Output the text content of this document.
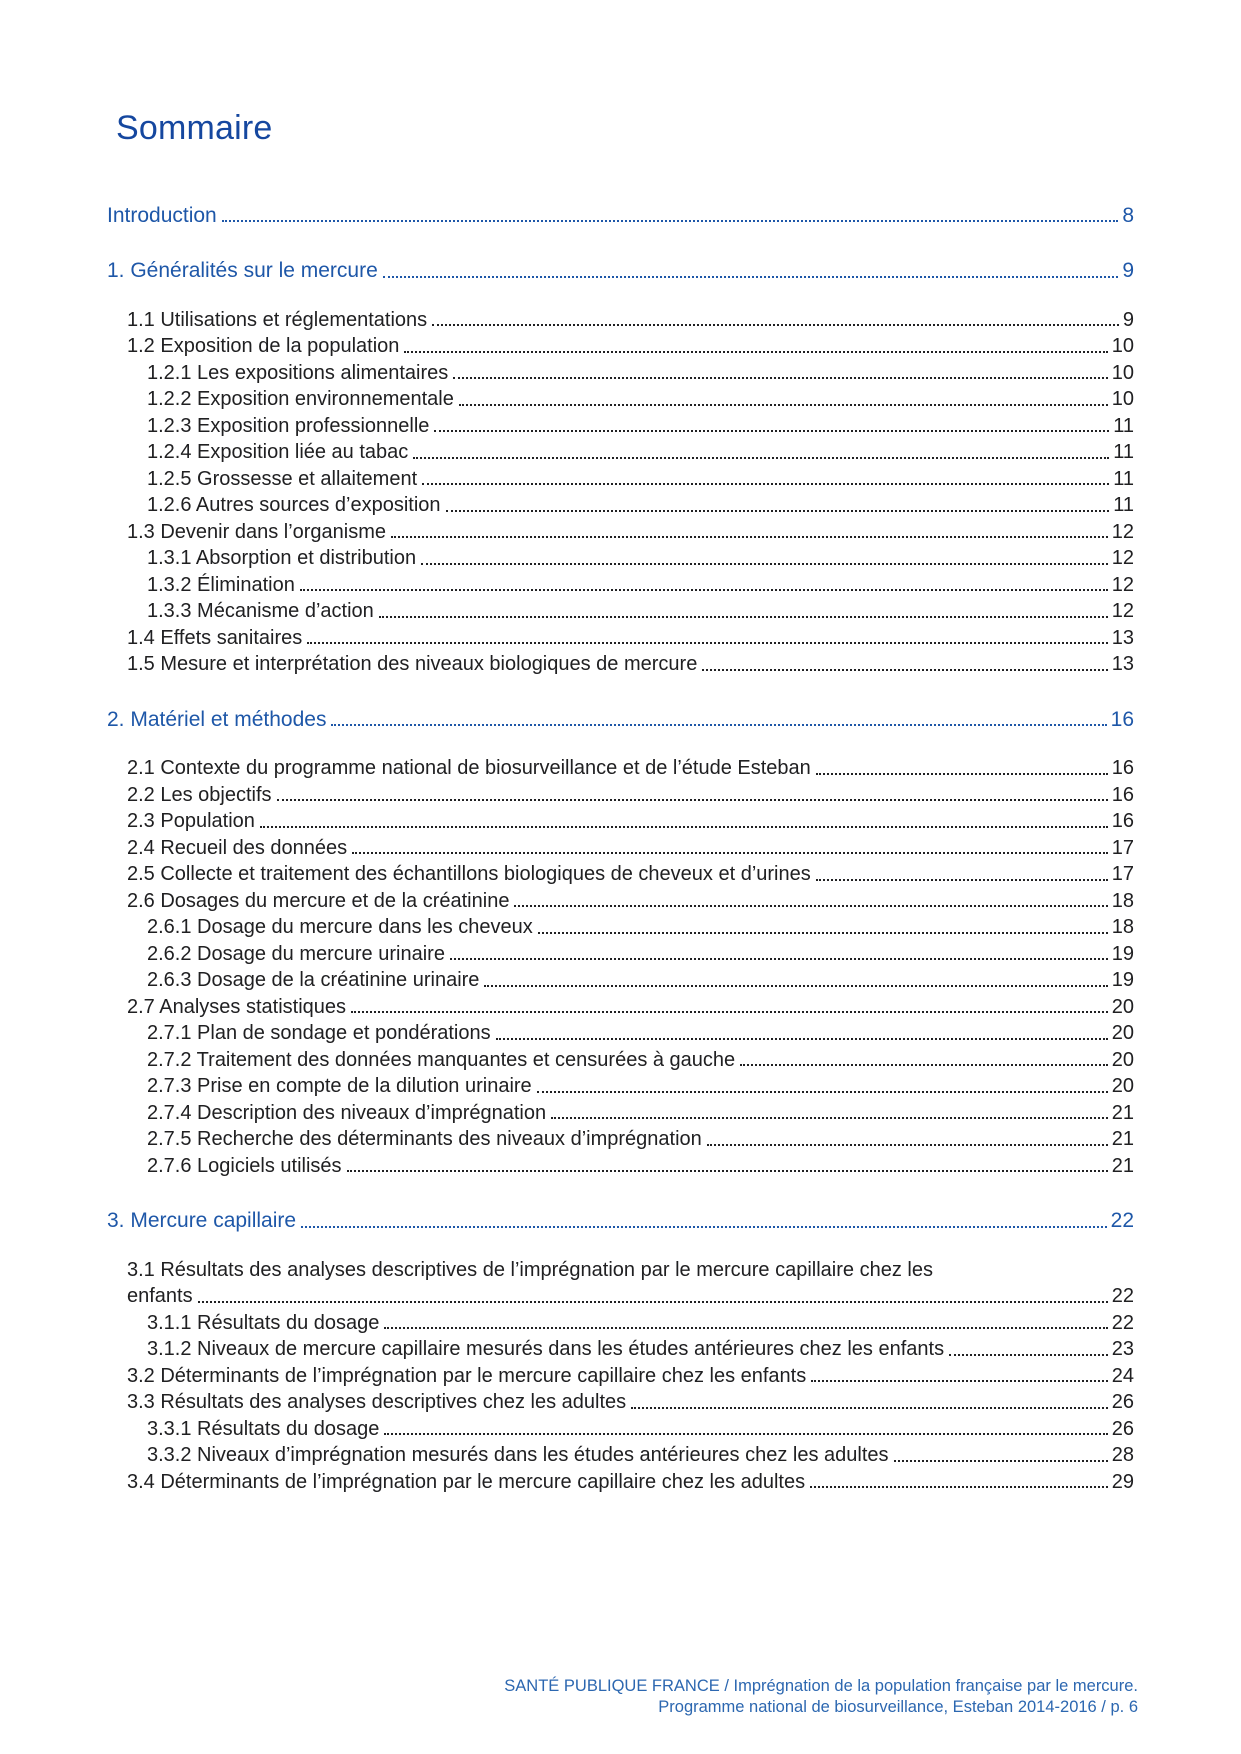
Sommaire
Introduction	8
1. Généralités sur le mercure	9
1.1 Utilisations et réglementations	9
1.2 Exposition de la population	10
1.2.1 Les expositions alimentaires	10
1.2.2 Exposition environnementale	10
1.2.3 Exposition professionnelle	11
1.2.4 Exposition liée au tabac	11
1.2.5 Grossesse et allaitement	11
1.2.6 Autres sources d’exposition	11
1.3 Devenir dans l’organisme	12
1.3.1 Absorption et distribution	12
1.3.2 Élimination	12
1.3.3 Mécanisme d’action	12
1.4 Effets sanitaires	13
1.5 Mesure et interprétation des niveaux biologiques de mercure	13
2. Matériel et méthodes	16
2.1 Contexte du programme national de biosurveillance et de l’étude Esteban	16
2.2 Les objectifs	16
2.3 Population	16
2.4 Recueil des données	17
2.5 Collecte et traitement des échantillons biologiques de cheveux et d’urines	17
2.6 Dosages du mercure et de la créatinine	18
2.6.1 Dosage du mercure dans les cheveux	18
2.6.2 Dosage du mercure urinaire	19
2.6.3 Dosage de la créatinine urinaire	19
2.7 Analyses statistiques	20
2.7.1 Plan de sondage et pondérations	20
2.7.2 Traitement des données manquantes et censurées à gauche	20
2.7.3 Prise en compte de la dilution urinaire	20
2.7.4 Description des niveaux d’imprégnation	21
2.7.5 Recherche des déterminants des niveaux d’imprégnation	21
2.7.6 Logiciels utilisés	21
3. Mercure capillaire	22
3.1 Résultats des analyses descriptives de l’imprégnation par le mercure capillaire chez les
enfants	22
3.1.1 Résultats du dosage	22
3.1.2 Niveaux de mercure capillaire mesurés dans les études antérieures chez les enfants	23
3.2 Déterminants de l’imprégnation par le mercure capillaire chez les enfants	24
3.3 Résultats des analyses descriptives chez les adultes	26
3.3.1 Résultats du dosage	26
3.3.2 Niveaux d’imprégnation mesurés dans les études antérieures chez les adultes	28
3.4 Déterminants de l’imprégnation par le mercure capillaire chez les adultes	29
SANTÉ PUBLIQUE FRANCE / Imprégnation de la population française par le mercure.
Programme national de biosurveillance, Esteban 2014-2016 / p. 6
